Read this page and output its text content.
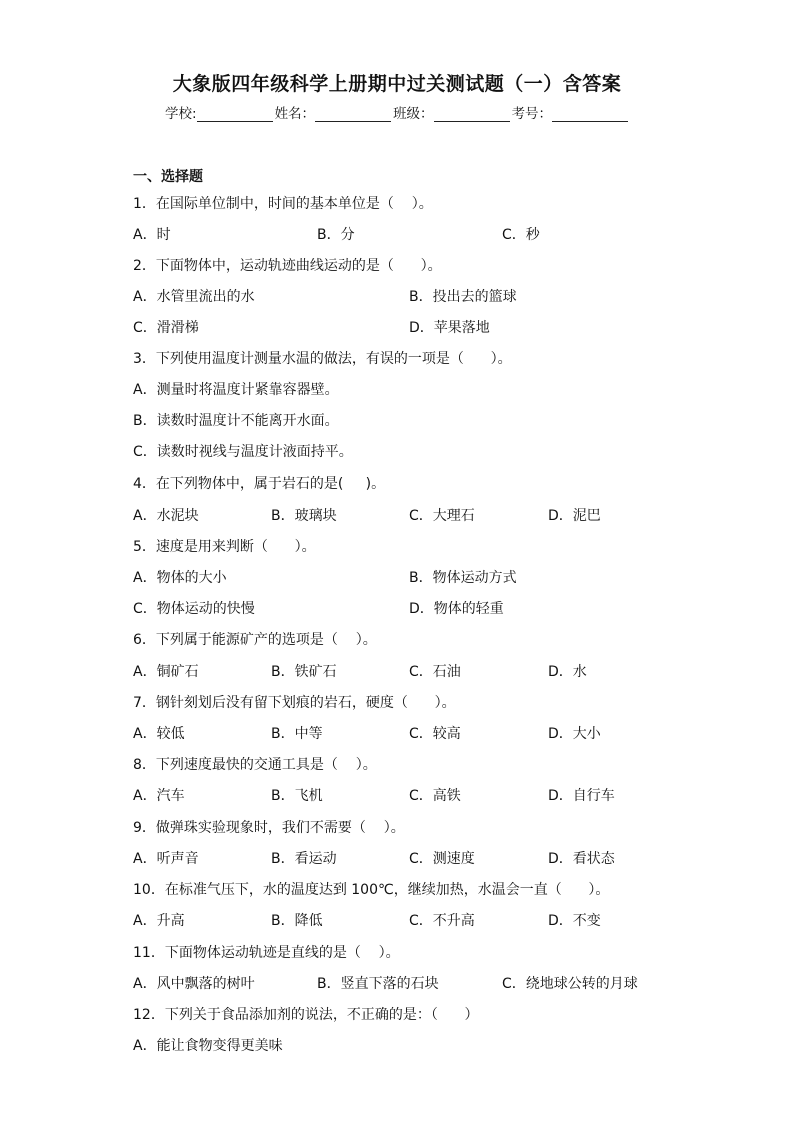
大象版四年级科学上册期中过关测试题（一）含答案
学校:	姓名：	班级：	考号：
一、选择题
1．在国际单位制中，时间的基本单位是（    ）。
A．时	B．分	C．秒
2．下面物体中，运动轨迹曲线运动的是（      ）。
A．水管里流出的水	B．投出去的篮球
C．滑滑梯	D．苹果落地
3．下列使用温度计测量水温的做法，有误的一项是（      ）。
A．测量时将温度计紧靠容器壁。
B．读数时温度计不能离开水面。
C．读数时视线与温度计液面持平。
4．在下列物体中，属于岩石的是(     )。
A．水泥块	B．玻璃块	C．大理石	D．泥巴
5．速度是用来判断（      ）。
A．物体的大小	B．物体运动方式
C．物体运动的快慢	D．物体的轻重
6．下列属于能源矿产的选项是（    ）。
A．铜矿石	B．铁矿石	C．石油	D．水
7．钢针刻划后没有留下划痕的岩石，硬度（      ）。
A．较低	B．中等	C．较高	D．大小
8．下列速度最快的交通工具是（    ）。
A．汽车	B．飞机	C．高铁	D．自行车
9．做弹珠实验现象时，我们不需要（    ）。
A．听声音	B．看运动	C．测速度	D．看状态
10．在标准气压下，水的温度达到 100℃，继续加热，水温会一直（      ）。
A．升高	B．降低	C．不升高	D．不变
11．下面物体运动轨迹是直线的是（    ）。
A．风中飘落的树叶	B．竖直下落的石块	C．绕地球公转的月球
12．下列关于食品添加剂的说法，不正确的是：（      ）
A．能让食物变得更美味
